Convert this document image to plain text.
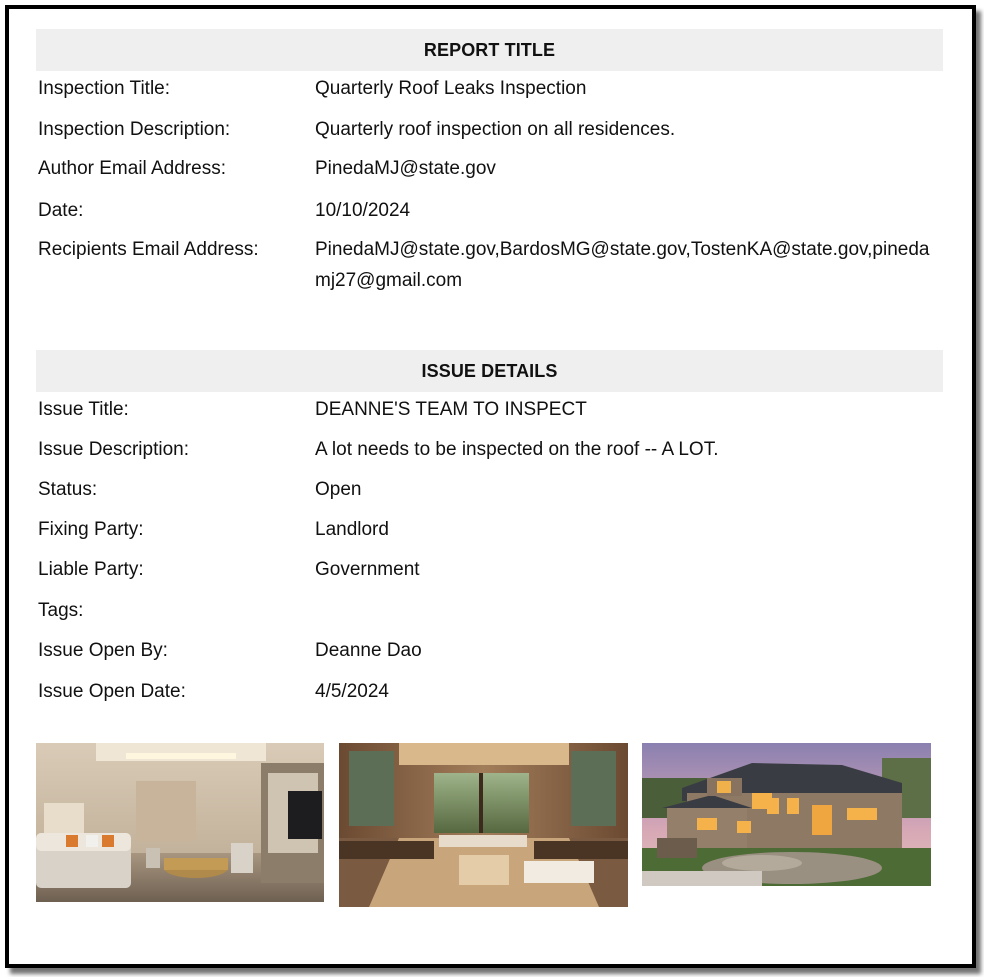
REPORT TITLE
Inspection Title:	Quarterly Roof Leaks Inspection
Inspection Description:	Quarterly roof inspection on all residences.
Author Email Address:	PinedaMJ@state.gov
Date:	10/10/2024
Recipients Email Address:	PinedaMJ@state.gov,BardosMG@state.gov,TostenKA@state.gov,pinedamj27@gmail.com
ISSUE DETAILS
Issue Title:	DEANNE'S TEAM TO INSPECT
Issue Description:	A lot needs to be inspected on the roof -- A LOT.
Status:	Open
Fixing Party:	Landlord
Liable Party:	Government
Tags:
Issue Open By:	Deanne Dao
Issue Open Date:	4/5/2024
